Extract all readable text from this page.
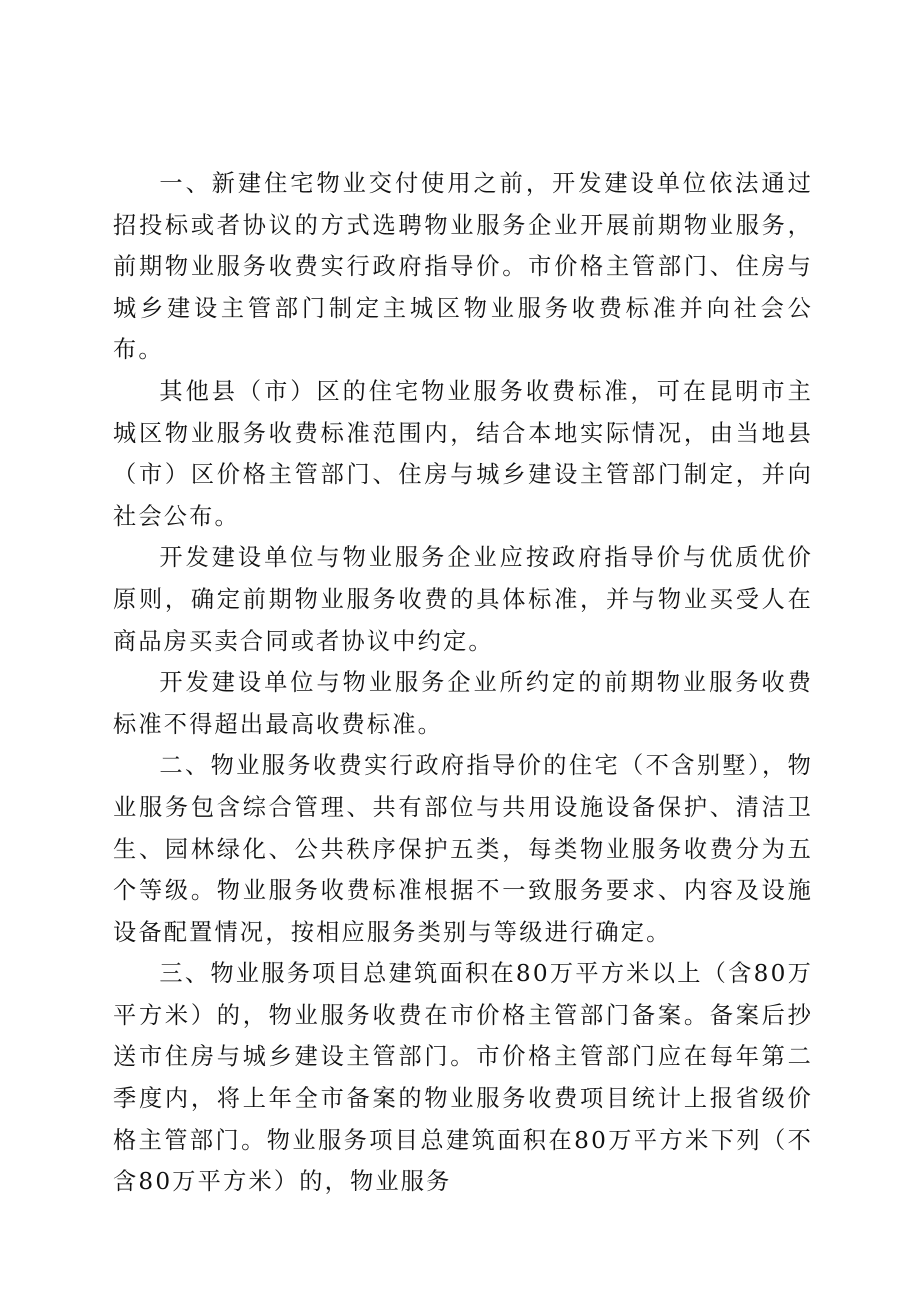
一、新建住宅物业交付使用之前，开发建设单位依法通过招投标或者协议的方式选聘物业服务企业开展前期物业服务，前期物业服务收费实行政府指导价。市价格主管部门、住房与城乡建设主管部门制定主城区物业服务收费标准并向社会公布。

其他县（市）区的住宅物业服务收费标准，可在昆明市主城区物业服务收费标准范围内，结合本地实际情况，由当地县（市）区价格主管部门、住房与城乡建设主管部门制定，并向社会公布。

开发建设单位与物业服务企业应按政府指导价与优质优价原则，确定前期物业服务收费的具体标准，并与物业买受人在商品房买卖合同或者协议中约定。

开发建设单位与物业服务企业所约定的前期物业服务收费标准不得超出最高收费标准。

二、物业服务收费实行政府指导价的住宅（不含别墅），物业服务包含综合管理、共有部位与共用设施设备保护、清洁卫生、园林绿化、公共秩序保护五类，每类物业服务收费分为五个等级。物业服务收费标准根据不一致服务要求、内容及设施设备配置情况，按相应服务类别与等级进行确定。

三、物业服务项目总建筑面积在80万平方米以上（含80万平方米）的，物业服务收费在市价格主管部门备案。备案后抄送市住房与城乡建设主管部门。市价格主管部门应在每年第二季度内，将上年全市备案的物业服务收费项目统计上报省级价格主管部门。物业服务项目总建筑面积在80万平方米下列（不含80万平方米）的，物业服务
